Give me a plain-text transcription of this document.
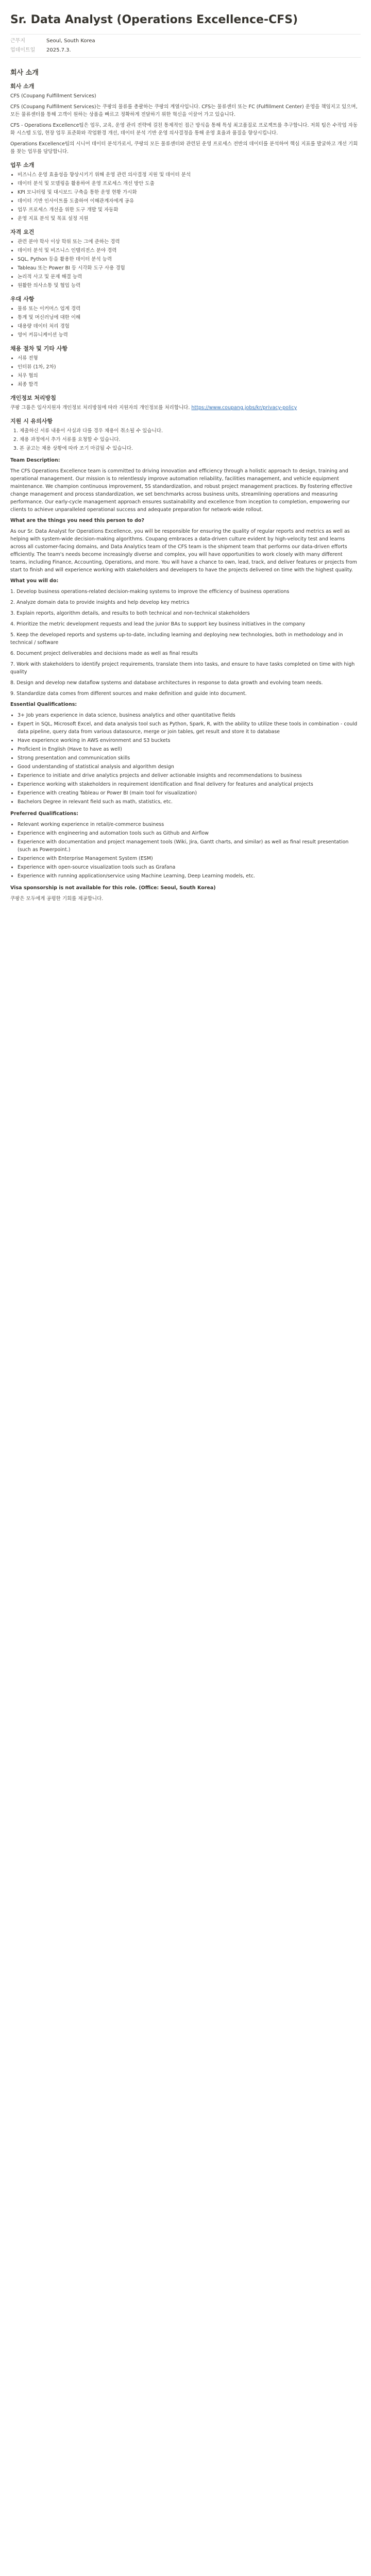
Sr. Data Analyst (Operations Excellence-CFS)
근무지	Seoul, South Korea
업데이트일	2025.7.3.
회사 소개
회사 소개

CFS (Coupang Fulfillment Services)

CFS (Coupang Fulfillment Services)는 쿠팡의 물류를 총괄하는 쿠팡의 계열사입니다. CFS는 물류센터 또는 FC (Fulfillment Center) 운영을 책임지고 있으며, 모든 물류센터를 통해 고객이 원하는 상품을 빠르고 정확하게 전달하기 위한 혁신을 이끌어 가고 있습니다.

CFS - Operations Excellence팀은 업무, 교육, 운영 관리 전략에 걸친 통제적인 접근 방식을 통해 특성 최고품질로 프로젝트를 추구합니다. 저희 팀은 수작업 자동화 시스템 도입, 현장 업무 표준화와 작업환경 개선, 데이터 분석 기반 운영 의사결정을 통해 운영 효율과 품질을 향상시킵니다.

Operations Excellence팀의 시니어 데이터 분석가로서, 쿠팡의 모든 물류센터와 관련된 운영 프로세스 전반의 데이터를 분석하여 핵심 지표를 발굴하고 개선 기회를 찾는 업무를 담당합니다.

업무 소개
• 비즈니스 운영 효율성을 향상시키기 위해 운영 관련 의사결정 지원 및 데이터 분석
• 데이터 분석 및 모델링을 활용하여 운영 프로세스 개선 방안 도출
• KPI 모니터링 및 대시보드 구축을 통한 운영 현황 가시화
• 데이터 기반 인사이트를 도출하여 이해관계자에게 공유
• 업무 프로세스 개선을 위한 도구 개발 및 자동화
• 운영 지표 분석 및 목표 설정 지원
자격 요건
• 관련 분야 학사 이상 학위 또는 그에 준하는 경력
• 데이터 분석 및 비즈니스 인텔리전스 분야 경력
• SQL, Python 등을 활용한 데이터 분석 능력
• Tableau 또는 Power BI 등 시각화 도구 사용 경험
• 논리적 사고 및 문제 해결 능력
• 원활한 의사소통 및 협업 능력
우대 사항
• 물류 또는 이커머스 업계 경력
• 통계 및 머신러닝에 대한 이해
• 대용량 데이터 처리 경험
• 영어 커뮤니케이션 능력
채용 절차 및 기타 사항
• 서류 전형
• 인터뷰 (1차, 2차)
• 처우 협의
• 최종 합격
개인정보 처리방침

쿠팡 그룹은 입사지원자 개인정보 처리방침에 따라 지원자의 개인정보를 처리합니다. https://www.coupang.jobs/kr/privacy-policy

지원 시 유의사항
1. 제출하신 서류 내용이 사실과 다를 경우 채용이 취소될 수 있습니다.
2. 채용 과정에서 추가 서류를 요청할 수 있습니다.
3. 본 공고는 채용 상황에 따라 조기 마감될 수 있습니다.

Team Description:

The CFS Operations Excellence team is committed to driving innovation and efficiency through a holistic approach to design, training and operational management. Our mission is to relentlessly improve automation reliability, facilities management, and vehicle equipment maintenance. We champion continuous improvement, 5S standardization, and robust project management practices. By fostering effective change management and process standardization, we set benchmarks across business units, streamlining operations and measuring performance. Our early-cycle management approach ensures sustainability and excellence from inception to completion, empowering our clients to achieve unparalleled operational success and adequate preparation for network-wide rollout.

What are the things you need this person to do?

As our Sr. Data Analyst for Operations Excellence, you will be responsible for ensuring the quality of regular reports and metrics as well as helping with system-wide decision-making algorithms. Coupang embraces a data-driven culture evident by high-velocity test and learns across all customer-facing domains, and Data Analytics team of the CFS team is the shipment team that performs our data-driven efforts efficiently. The team's needs become increasingly diverse and complex, you will have opportunities to work closely with many different teams, including Finance, Accounting, Operations, and more. You will have a chance to own, lead, track, and deliver features or projects from start to finish and will experience working with stakeholders and developers to have the projects delivered on time with the highest quality.

What you will do:

1. Develop business operations-related decision-making systems to improve the efficiency of business operations

2. Analyze domain data to provide insights and help develop key metrics

3. Explain reports, algorithm details, and results to both technical and non-technical stakeholders

4. Prioritize the metric development requests and lead the junior BAs to support key business initiatives in the company

5. Keep the developed reports and systems up-to-date, including learning and deploying new technologies, both in methodology and in technical / software

6. Document project deliverables and decisions made as well as final results

7. Work with stakeholders to identify project requirements, translate them into tasks, and ensure to have tasks completed on time with high quality

8. Design and develop new dataflow systems and database architectures in response to data growth and evolving team needs.

9. Standardize data comes from different sources and make definition and guide into document.

Essential Qualifications:

• 3+ Job years experience in data science, business analytics and other quantitative fields
• Expert in SQL, Microsoft Excel, and data analysis tool such as Python, Spark, R, with the ability to utilize these tools in combination - could data pipeline, query data from various datasource, merge or join tables, get result and store it to database
• Have experience working in AWS environment and S3 buckets
• Proficient in English (Have to have as well)
• Strong presentation and communication skills
• Good understanding of statistical analysis and algorithm design
• Experience to initiate and drive analytics projects and deliver actionable insights and recommendations to business
• Experience working with stakeholders in requirement identification and final delivery for features and analytical projects
• Experience with creating Tableau or Power BI (main tool for visualization)
• Bachelors Degree in relevant field such as math, statistics, etc.

Preferred Qualifications:

• Relevant working experience in retail/e-commerce business
• Experience with engineering and automation tools such as Github and Airflow
• Experience with documentation and project management tools (Wiki, Jira, Gantt charts, and similar) as well as final result presentation (such as Powerpoint.)
• Experience with Enterprise Management System (ESM)
• Experience with open-source visualization tools such as Grafana
• Experience with running application/service using Machine Learning, Deep Learning models, etc.

Visa sponsorship is not available for this role. (Office: Seoul, South Korea)

쿠팡은 모두에게 공평한 기회를 제공합니다.
